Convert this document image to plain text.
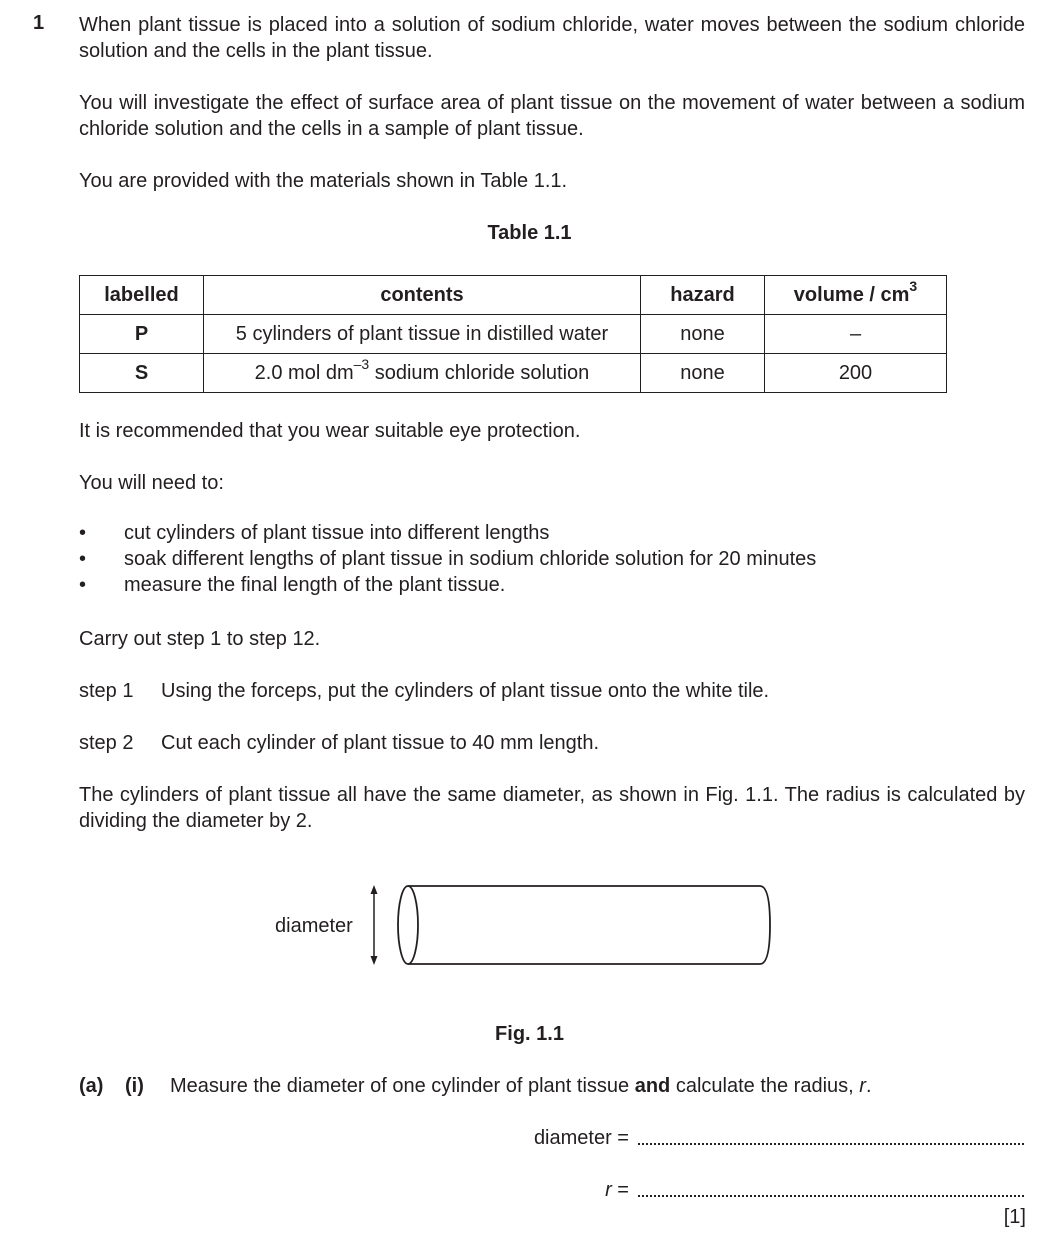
1 When plant tissue is placed into a solution of sodium chloride, water moves between the sodium chloride solution and the cells in the plant tissue.
You will investigate the effect of surface area of plant tissue on the movement of water between a sodium chloride solution and the cells in a sample of plant tissue.
You are provided with the materials shown in Table 1.1.
Table 1.1
labelled	contents	hazard	volume / $cm^3$
P	5 cylinders of plant tissue in distilled water	none	–
S	2.0 mol $dm^{-3}$ sodium chloride solution	none	200
It is recommended that you wear suitable eye protection.
You will need to:
• cut cylinders of plant tissue into different lengths
• soak different lengths of plant tissue in sodium chloride solution for 20 minutes
• measure the final length of the plant tissue.
Carry out step 1 to step 12.
step 1 Using the forceps, put the cylinders of plant tissue onto the white tile.
step 2 Cut each cylinder of plant tissue to 40 mm length.
The cylinders of plant tissue all have the same diameter, as shown in Fig. 1.1. The radius is calculated by dividing the diameter by 2.
diameter
Fig. 1.1
(a) (i) Measure the diameter of one cylinder of plant tissue and calculate the radius, r.
diameter =
r =
[1]
